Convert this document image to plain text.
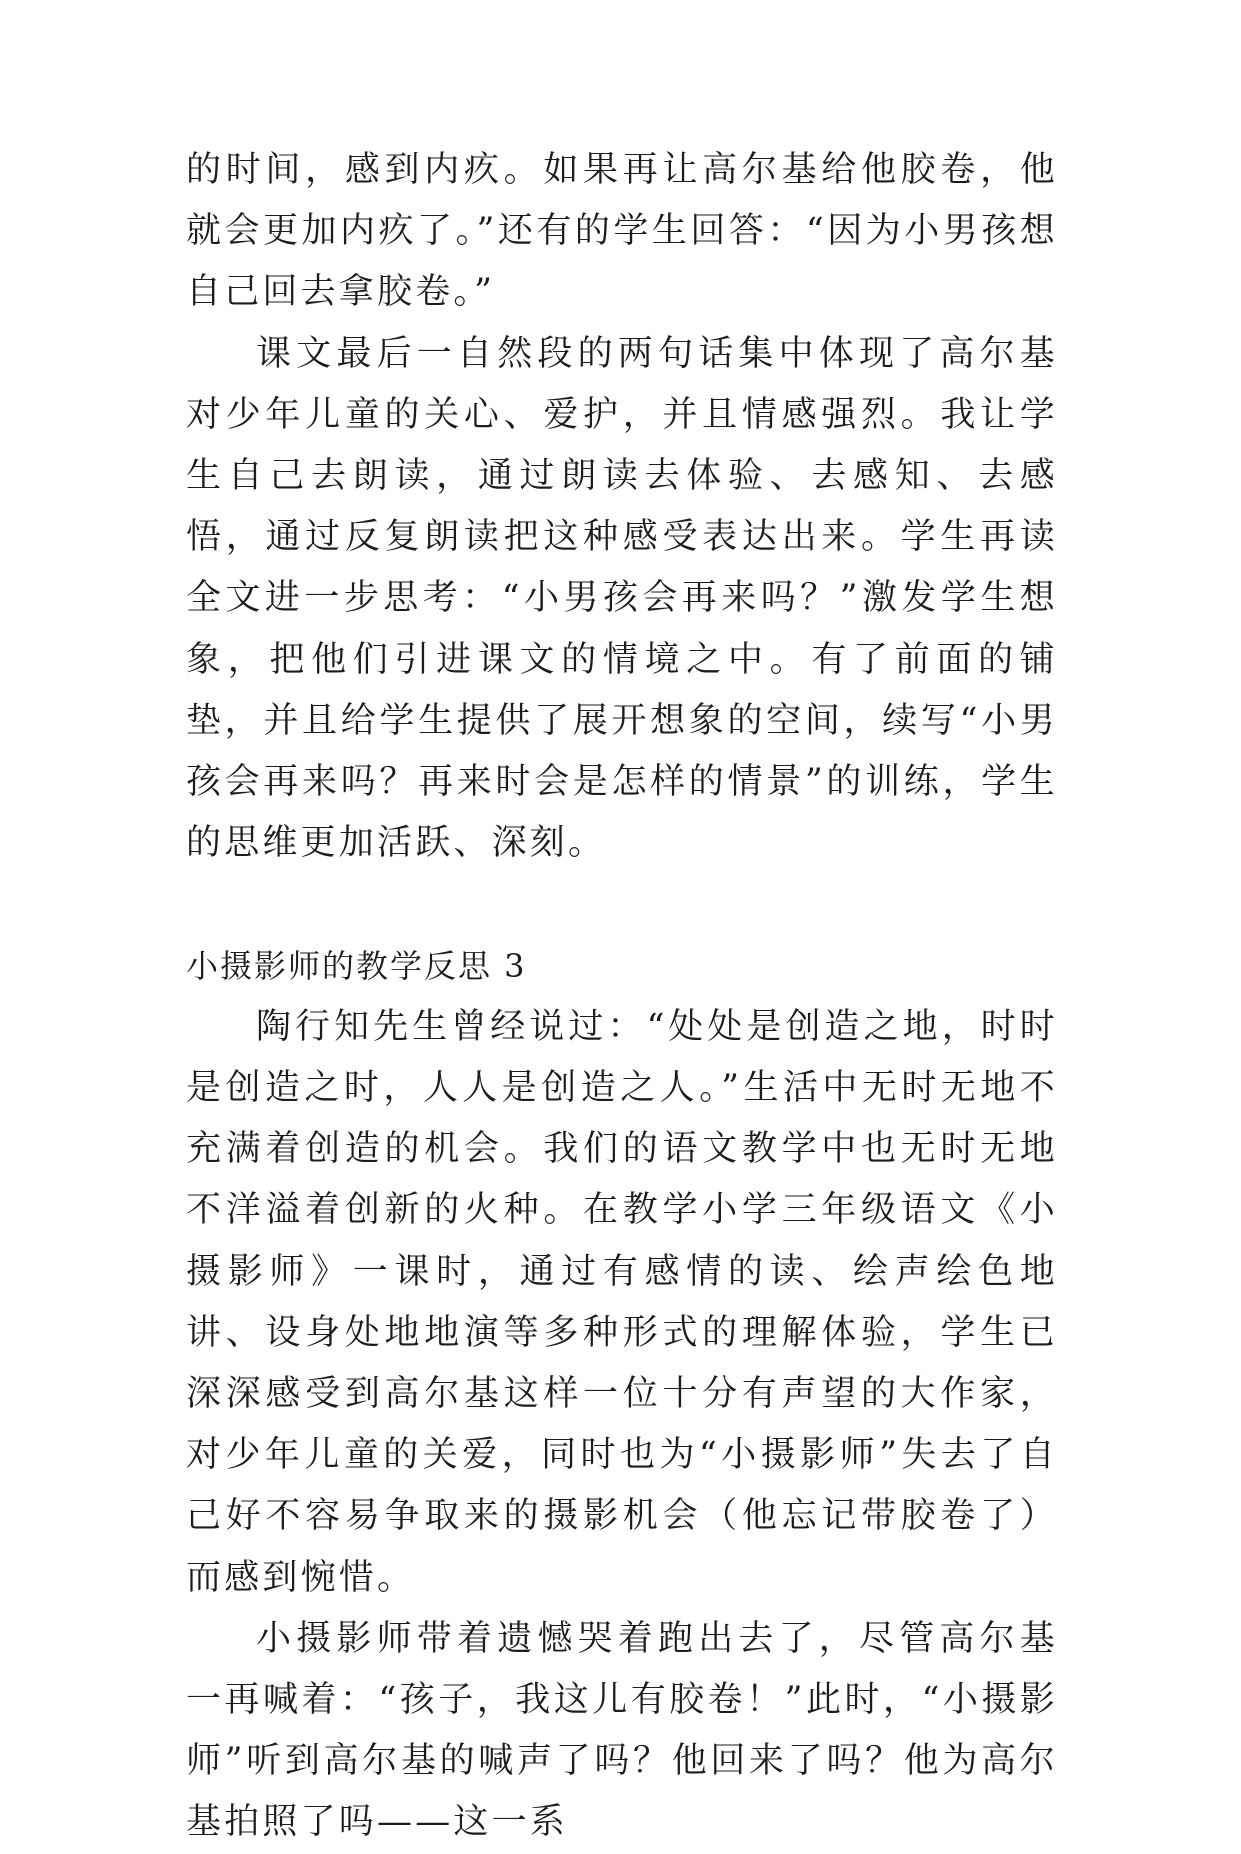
的时间，感到内疚。如果再让高尔基给他胶卷，他就会更加内疚了。”还有的学生回答：“因为小男孩想自己回去拿胶卷。”

课文最后一自然段的两句话集中体现了高尔基对少年儿童的关心、爱护，并且情感强烈。我让学生自己去朗读，通过朗读去体验、去感知、去感悟，通过反复朗读把这种感受表达出来。学生再读全文进一步思考：“小男孩会再来吗？”激发学生想象，把他们引进课文的情境之中。有了前面的铺垫，并且给学生提供了展开想象的空间，续写“小男孩会再来吗？再来时会是怎样的情景”的训练，学生的思维更加活跃、深刻。

小摄影师的教学反思 3

陶行知先生曾经说过：“处处是创造之地，时时是创造之时，人人是创造之人。”生活中无时无地不充满着创造的机会。我们的语文教学中也无时无地不洋溢着创新的火种。在教学小学三年级语文《小摄影师》一课时，通过有感情的读、绘声绘色地讲、设身处地地演等多种形式的理解体验，学生已深深感受到高尔基这样一位十分有声望的大作家，对少年儿童的关爱，同时也为“小摄影师”失去了自己好不容易争取来的摄影机会（他忘记带胶卷了）而感到惋惜。

小摄影师带着遗憾哭着跑出去了，尽管高尔基一再喊着：“孩子，我这儿有胶卷！”此时，“小摄影师”听到高尔基的喊声了吗？他回来了吗？他为高尔基拍照了吗——这一系
